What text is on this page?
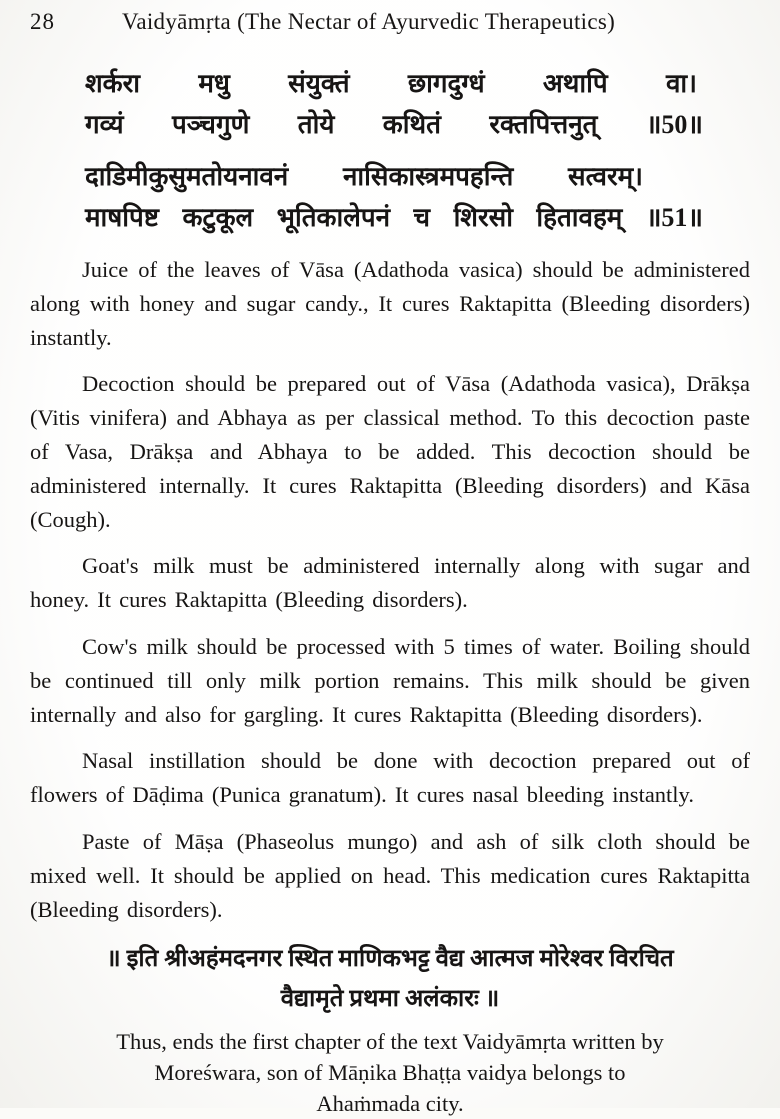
28	Vaidyāmṛta (The Nectar of Ayurvedic Therapeutics)
शर्करा मधु संयुक्तं छागदुग्धं अथापि वा।
गव्यं पञ्चगुणे तोये कथितं रक्तपित्तनुत् ॥50॥
दाडिमीकुसुमतोयनावनं नासिकास्त्रमपहन्ति सत्वरम्।
माषपिष्ट कटुकूल भूतिकालेपनं च शिरसो हितावहम् ॥51॥

Juice of the leaves of Vāsa (Adathoda vasica) should be administered along with honey and sugar candy., It cures Raktapitta (Bleeding disorders) instantly.

Decoction should be prepared out of Vāsa (Adathoda vasica), Drākṣa (Vitis vinifera) and Abhaya as per classical method. To this decoction paste of Vasa, Drākṣa and Abhaya to be added. This decoction should be administered internally. It cures Raktapitta (Bleeding disorders) and Kāsa (Cough).

Goat's milk must be administered internally along with sugar and honey. It cures Raktapitta (Bleeding disorders).

Cow's milk should be processed with 5 times of water. Boiling should be continued till only milk portion remains. This milk should be given internally and also for gargling. It cures Raktapitta (Bleeding disorders).

Nasal instillation should be done with decoction prepared out of flowers of Dāḍima (Punica granatum). It cures nasal bleeding instantly.

Paste of Māṣa (Phaseolus mungo) and ash of silk cloth should be mixed well. It should be applied on head. This medication cures Raktapitta (Bleeding disorders).

॥ इति श्रीअहंमदनगर स्थित माणिकभट्ट वैद्य आत्मज मोरेश्वर विरचित
वैद्यामृते प्रथमा अलंकारः ॥
Thus, ends the first chapter of the text Vaidyāmṛta written by
Moreśwara, son of Māṇika Bhaṭṭa vaidya belongs to
Ahaṁmada city.
